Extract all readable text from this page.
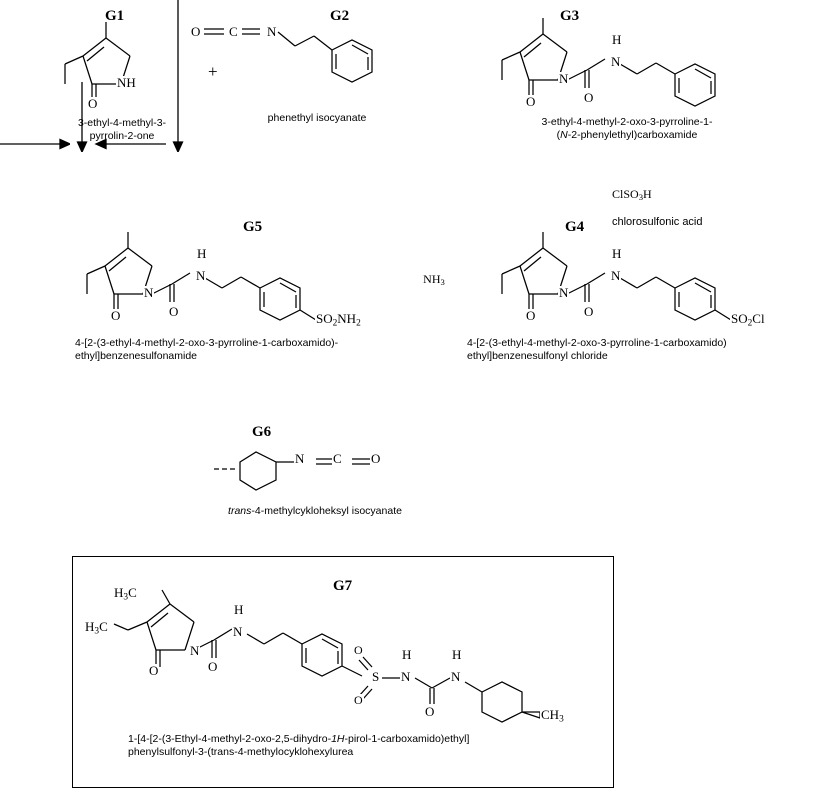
G1
NH
O
3-ethyl-4-methyl-3-
pyrrolin-2-one
+
G2
O C N
phenethyl isocyanate

G3
N
O	O
N
H
3-ethyl-4-methyl-2-oxo-3-pyrroline-1-
(N-2-phenylethyl)carboxamide

ClSO$_3$H

chlorosulfonic acid

G4
N
O	O
N
H
$SO_2Cl$
4-[2-(3-ethyl-4-methyl-2-oxo-3-pyrroline-1-carboxamido)
ethyl]benzenesulfonyl chloride

$NH_3$

G5
N
O	O
N
H
$SO_2NH_2$
4-[2-(3-ethyl-4-methyl-2-oxo-3-pyrroline-1-carboxamido)-
ethyl]benzenesulfonamide
G6
N C O
trans-4-methylcykloheksyl isocyanate
G7
$H_3C$
$H_3C$
N
O	O
N
H
S
O
O
N
H
O
N
H
$CH_3$
1-[4-[2-(3-Ethyl-4-methyl-2-oxo-2,5-dihydro-1H-pirol-1-carboxamido)ethyl]
phenylsulfonyl-3-(trans-4-methylocyklohexylurea
